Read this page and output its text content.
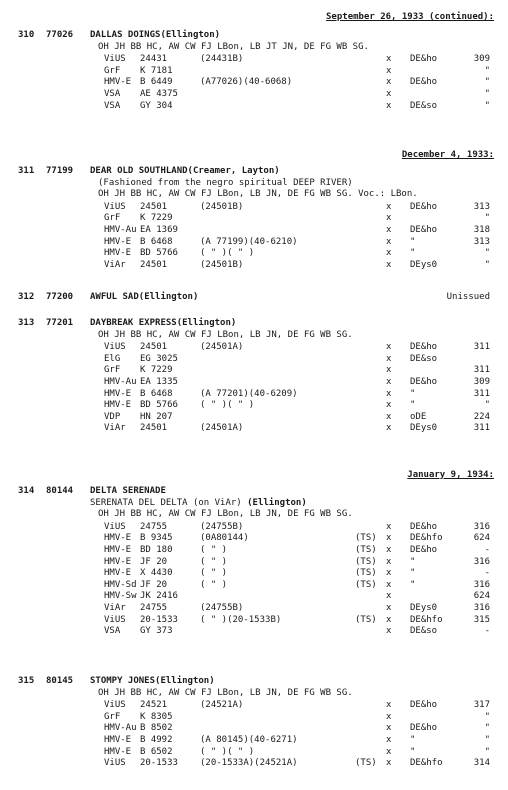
September 26, 1933 (continued):
310 77026 DALLAS DOINGS(Ellington)
OH JH BB HC, AW CW FJ LBon, LB JT JN, DE FG WB SG.
ViUS 24431	(24431B)	x DE&ho	309
GrF K 7181	x	"
HMV-E B 6449	(A77026)(40-6068)	x DE&ho	"
VSA AE 4375	x	"
VSA GY 304	x DE&so	"
December 4, 1933:
311 77199 DEAR OLD SOUTHLAND(Creamer, Layton)
(Fashioned from the negro spiritual DEEP RIVER)
OH JH BB HC, AW CW FJ LBon, LB JN, DE FG WB SG. Voc.: LBon.
ViUS 24501	(24501B)	x DE&ho	313
GrF K 7229	x	"
HMV-Au EA 1369	x DE&ho	318
HMV-E B 6468	(A 77199)(40-6210)	x "	313
HMV-E BD 5766 ( " )( " )	x "	"
ViAr 24501	(24501B)	x DEys0	"
312 77200 AWFUL SAD(Ellington)	Unissued
313 77201 DAYBREAK EXPRESS(Ellington)
OH JH BB HC, AW CW FJ LBon, LB JN, DE FG WB SG.
ViUS 24501	(24501A)	x DE&ho	311
ElG EG 3025	x DE&so
GrF K 7229	x	311
HMV-Au EA 1335	x DE&ho	309
HMV-E B 6468	(A 77201)(40-6209)	x "	311
HMV-E BD 5766 ( " )( " )	x "	"
VDP HN 207	x oDE	224
ViAr 24501	(24501A)	x DEys0	311
January 9, 1934:
314 80144 DELTA SERENADE
SERENATA DEL DELTA (on ViAr) (Ellington)
OH JH BB HC, AW CW FJ LBon, LB JN, DE FG WB SG.
ViUS 24755	(24755B)	x DE&ho	316
HMV-E B 9345	(0A80144)	(TS) x DE&hfo	624
HMV-E BD 180	( " )	(TS) x DE&ho	-
HMV-E JF 20	( " )	(TS) x "	316
HMV-E X 4430	( " )	(TS) x "	-
HMV-Sd JF 20	( " )	(TS) x "	316
HMV-Sw JK 2416	x	624
ViAr 24755	(24755B)	x DEys0	316
ViUS 20-1533 ( " )(20-1533B)	(TS) x DE&hfo	315
VSA GY 373	x DE&so	-
315 80145 STOMPY JONES(Ellington)
OH JH BB HC, AW CW FJ LBon, LB JN, DE FG WB SG.
ViUS 24521	(24521A)	x DE&ho	317
GrF K 8305	x	"
HMV-Au B 8502	x DE&ho	"
HMV-E B 4992	(A 80145)(40-6271)	x "	"
HMV-E B 6502	( " )( " )	x "	"
ViUS 20-1533 (20-1533A)(24521A)	(TS) x DE&hfo	314
